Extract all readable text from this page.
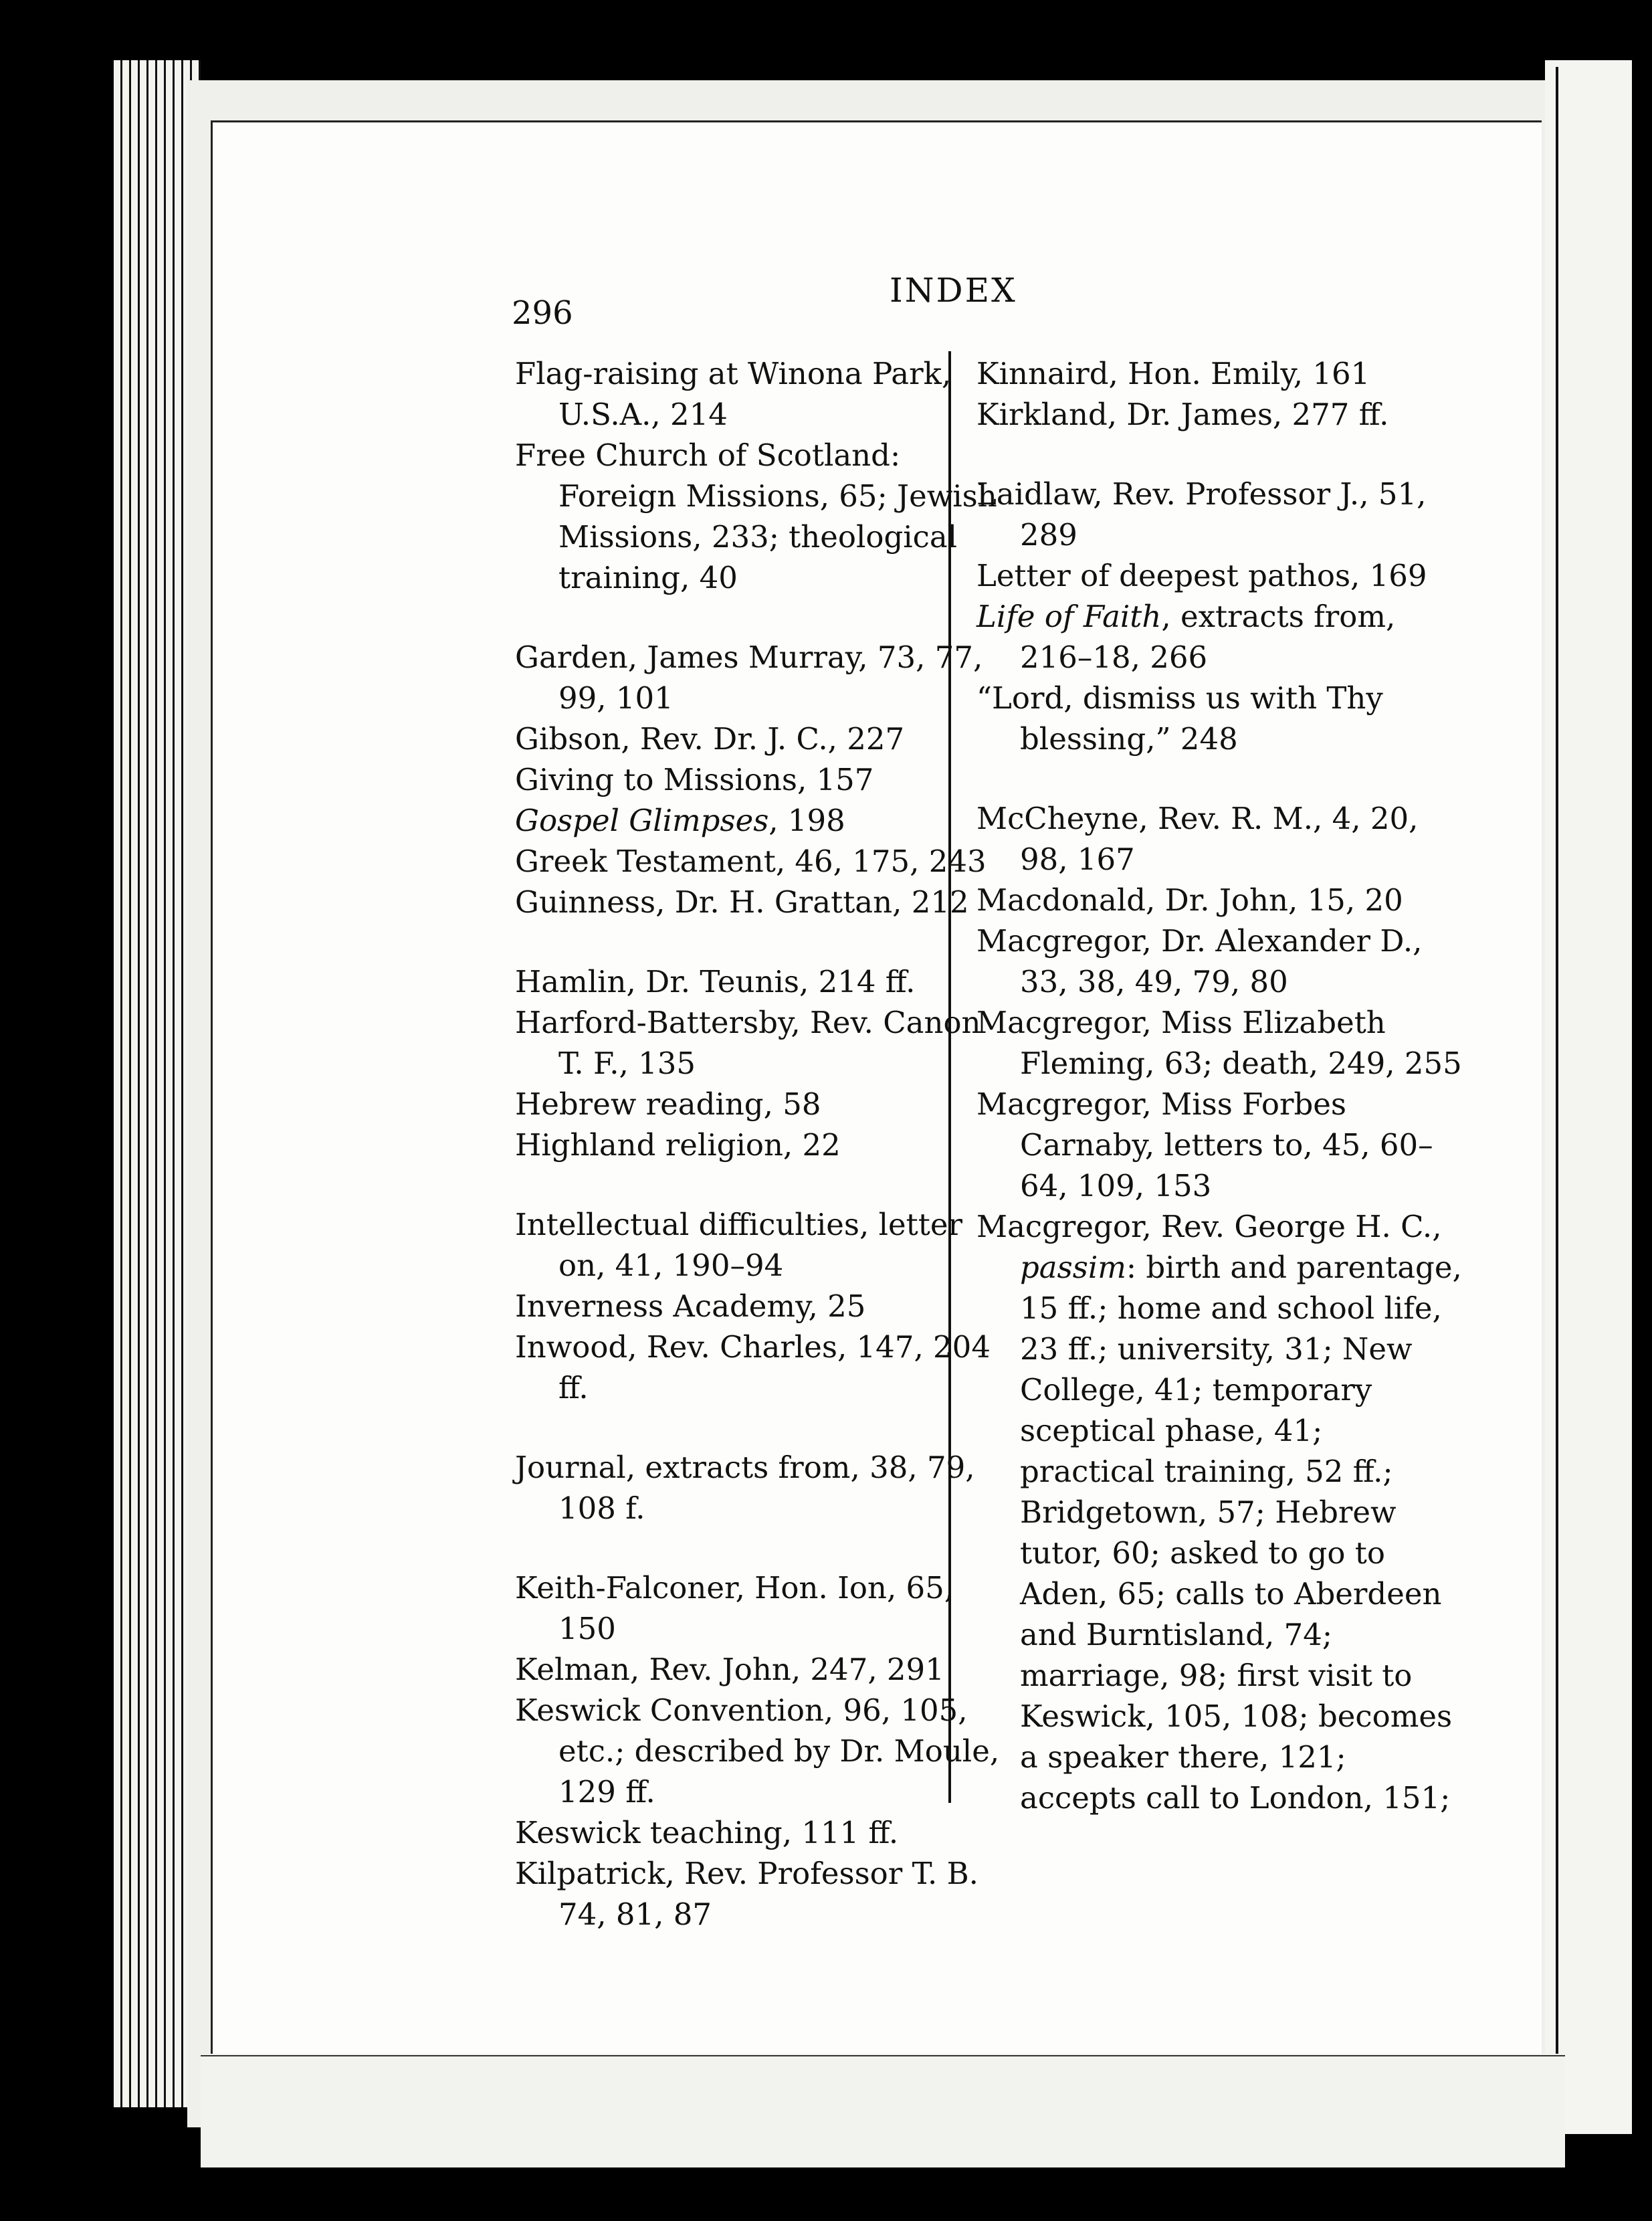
296
INDEX
Flag-raising at Winona Park, U.S.A., 214
Free Church of Scotland: Foreign Missions, 65; Jewish Missions, 233; theological training, 40
Garden, James Murray, 73, 77, 99, 101
Gibson, Rev. Dr. J. C., 227
Giving to Missions, 157
Gospel Glimpses, 198
Greek Testament, 46, 175, 243
Guinness, Dr. H. Grattan, 212
Hamlin, Dr. Teunis, 214 ff.
Harford-Battersby, Rev. Canon T. F., 135
Hebrew reading, 58
Highland religion, 22
Intellectual difficulties, letter on, 41, 190–94
Inverness Academy, 25
Inwood, Rev. Charles, 147, 204 ff.
Journal, extracts from, 38, 79, 108 f.
Keith-Falconer, Hon. Ion, 65, 150
Kelman, Rev. John, 247, 291
Keswick Convention, 96, 105, etc.; described by Dr. Moule, 129 ff.
Keswick teaching, 111 ff.
Kilpatrick, Rev. Professor T. B. 74, 81, 87
Kinnaird, Hon. Emily, 161
Kirkland, Dr. James, 277 ff.
Laidlaw, Rev. Professor J., 51, 289
Letter of deepest pathos, 169
Life of Faith, extracts from, 216–18, 266
“Lord, dismiss us with Thy blessing,” 248
McCheyne, Rev. R. M., 4, 20, 98, 167
Macdonald, Dr. John, 15, 20
Macgregor, Dr. Alexander D., 33, 38, 49, 79, 80
Macgregor, Miss Elizabeth Fleming, 63; death, 249, 255
Macgregor, Miss Forbes Carnaby, letters to, 45, 60–64, 109, 153
Macgregor, Rev. George H. C., passim: birth and parentage, 15 ff.; home and school life, 23 ff.; university, 31; New College, 41; temporary sceptical phase, 41; practical training, 52 ff.; Bridgetown, 57; Hebrew tutor, 60; asked to go to Aden, 65; calls to Aberdeen and Burntisland, 74; marriage, 98; first visit to Keswick, 105, 108; becomes a speaker there, 121; accepts call to London, 151;
